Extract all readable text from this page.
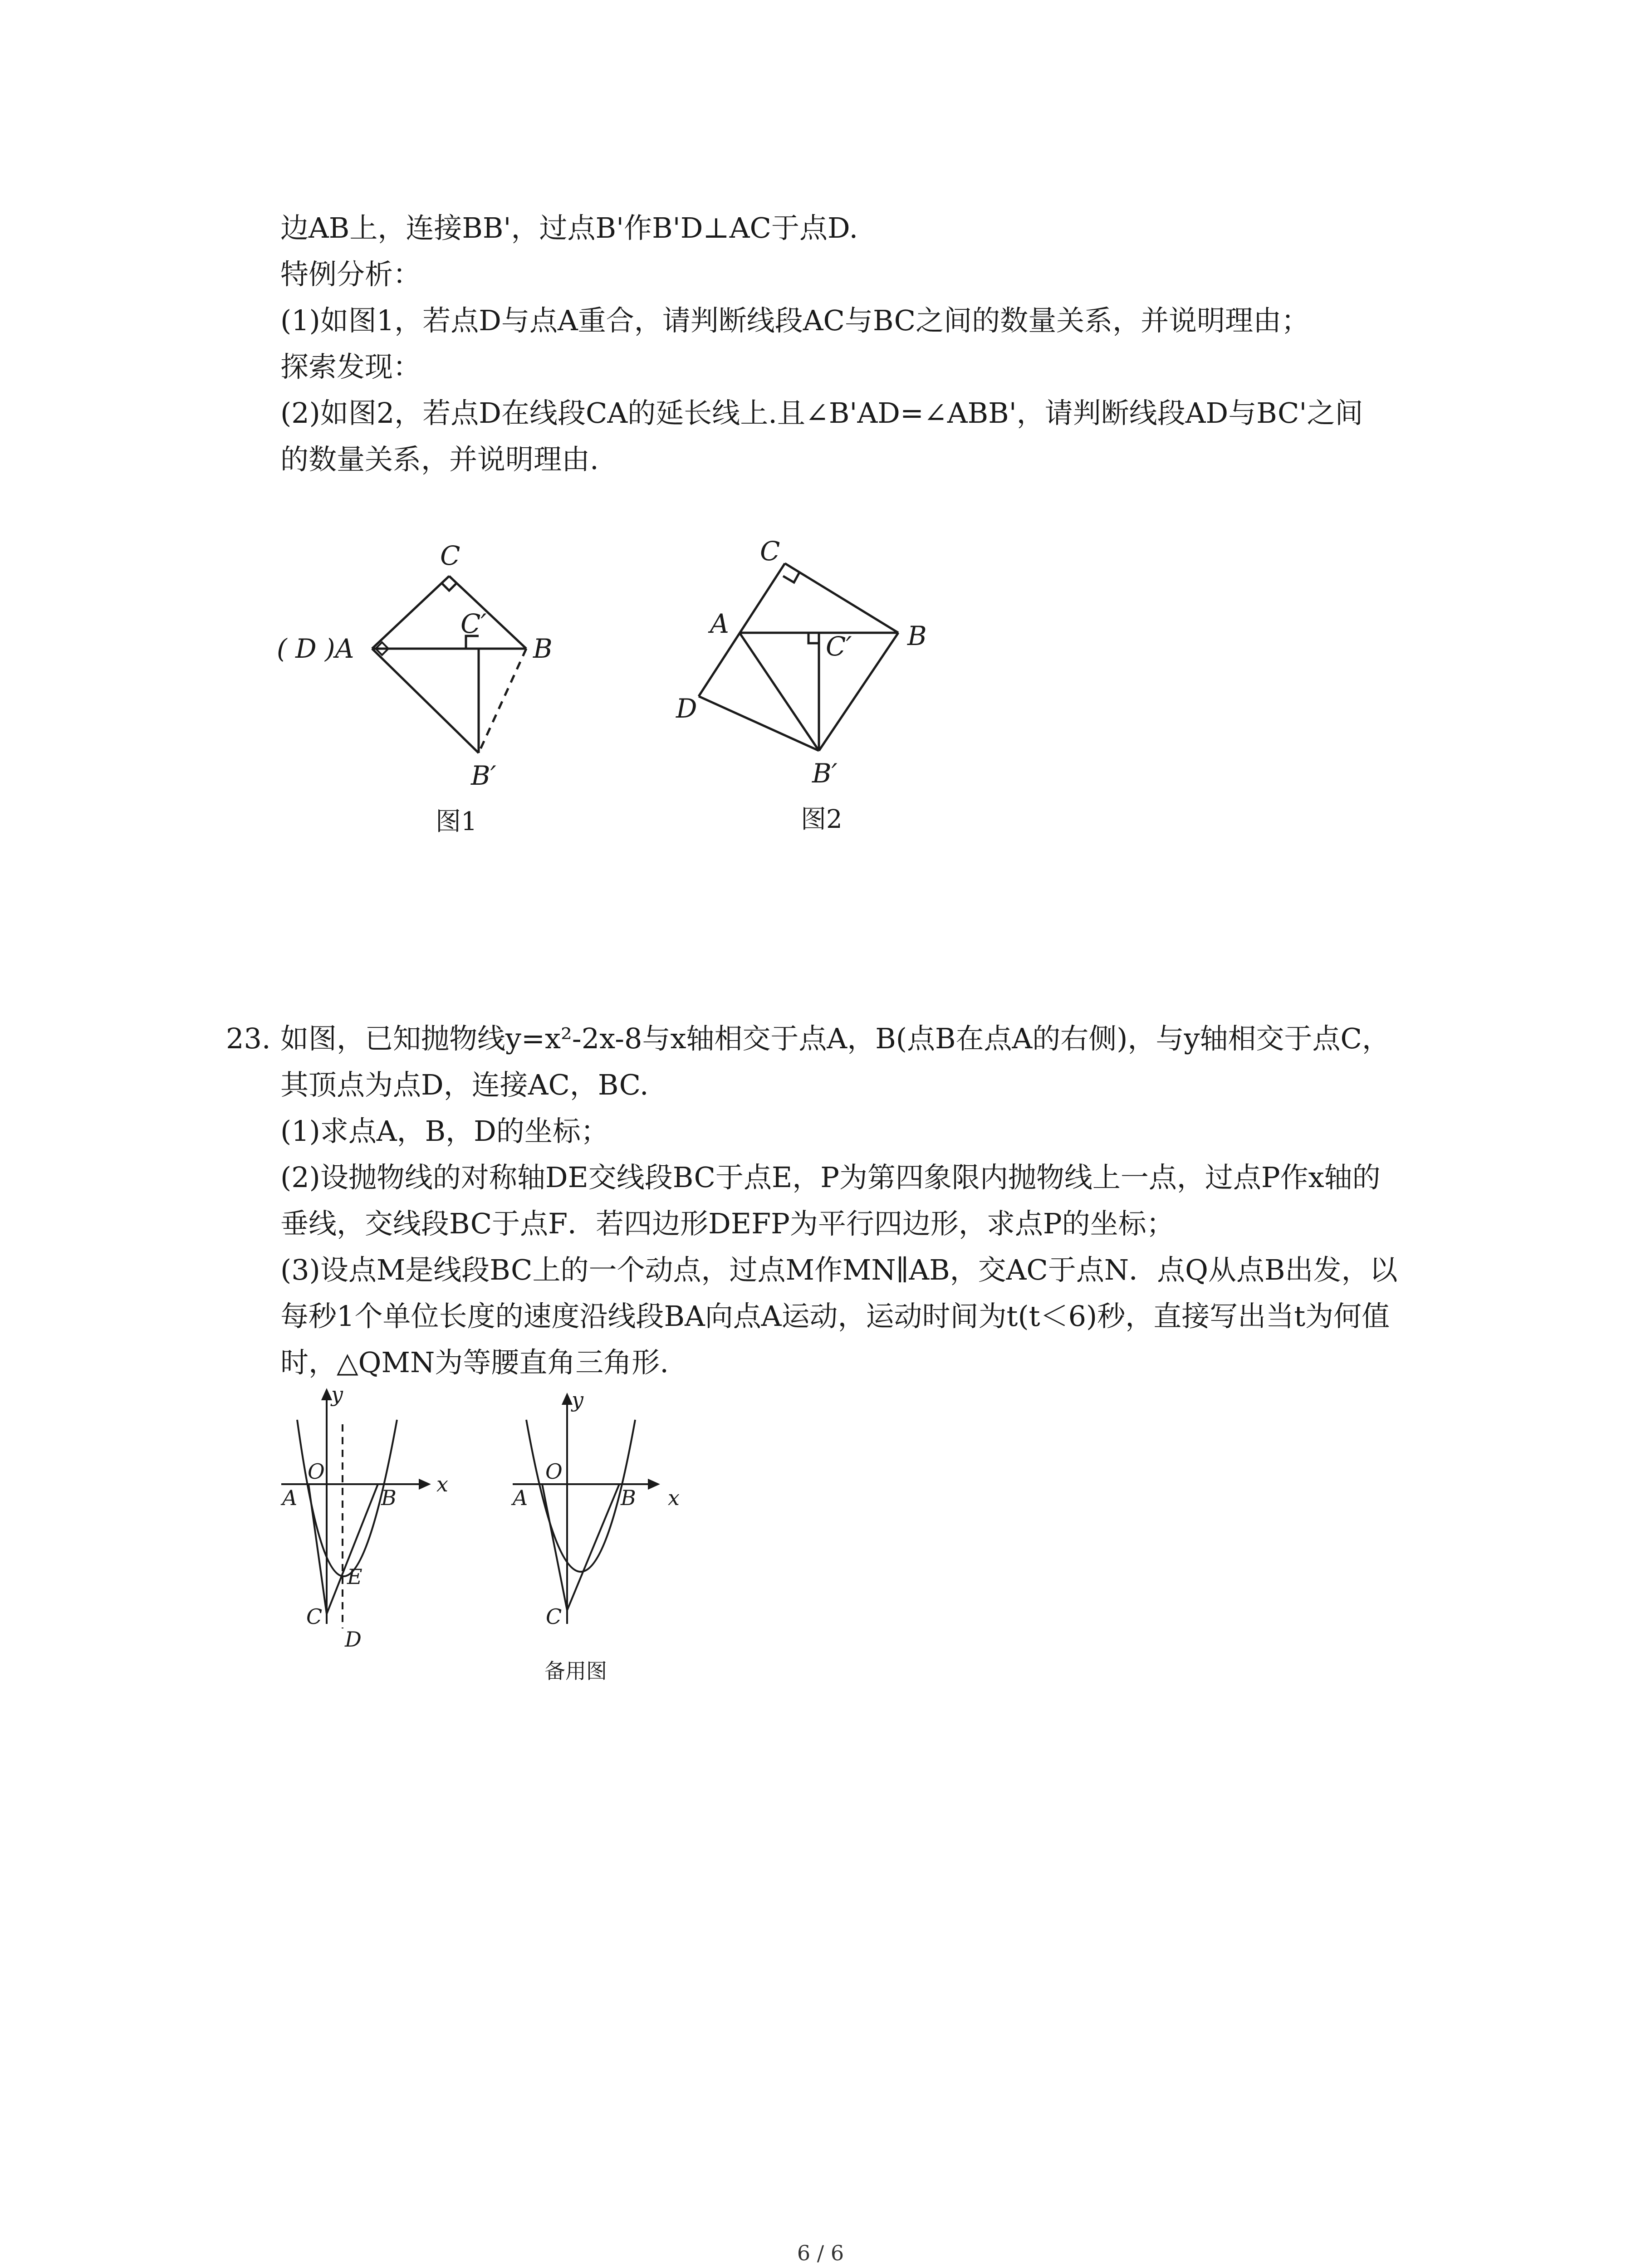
边AB上，连接BB'，过点B'作B'D⊥AC于点D.
特例分析：
(1)如图1，若点D与点A重合，请判断线段AC与BC之间的数量关系，并说明理由；
探索发现：
(2)如图2，若点D在线段CA的延长线上.且∠B'AD=∠ABB'，请判断线段AD与BC'之间
的数量关系，并说明理由.
C
C′
( D )A	B
B′
图1
C
A
C′ B
D
B′
图2
23. 如图，已知抛物线y=x²-2x-8与x轴相交于点A，B(点B在点A的右侧)，与y轴相交于点C，
其顶点为点D，连接AC，BC.
(1)求点A，B，D的坐标；
(2)设抛物线的对称轴DE交线段BC于点E，P为第四象限内抛物线上一点，过点P作x轴的
垂线，交线段BC于点F．若四边形DEFP为平行四边形，求点P的坐标；
(3)设点M是线段BC上的一个动点，过点M作MN∥AB，交AC于点N．点Q从点B出发，以
每秒1个单位长度的速度沿线段BA向点A运动，运动时间为t(t＜6)秒，直接写出当t为何值
时，△QMN为等腰直角三角形.
y
O
A	B
x
E
C
D
y
O
A	B x
C
备用图
6 / 6
